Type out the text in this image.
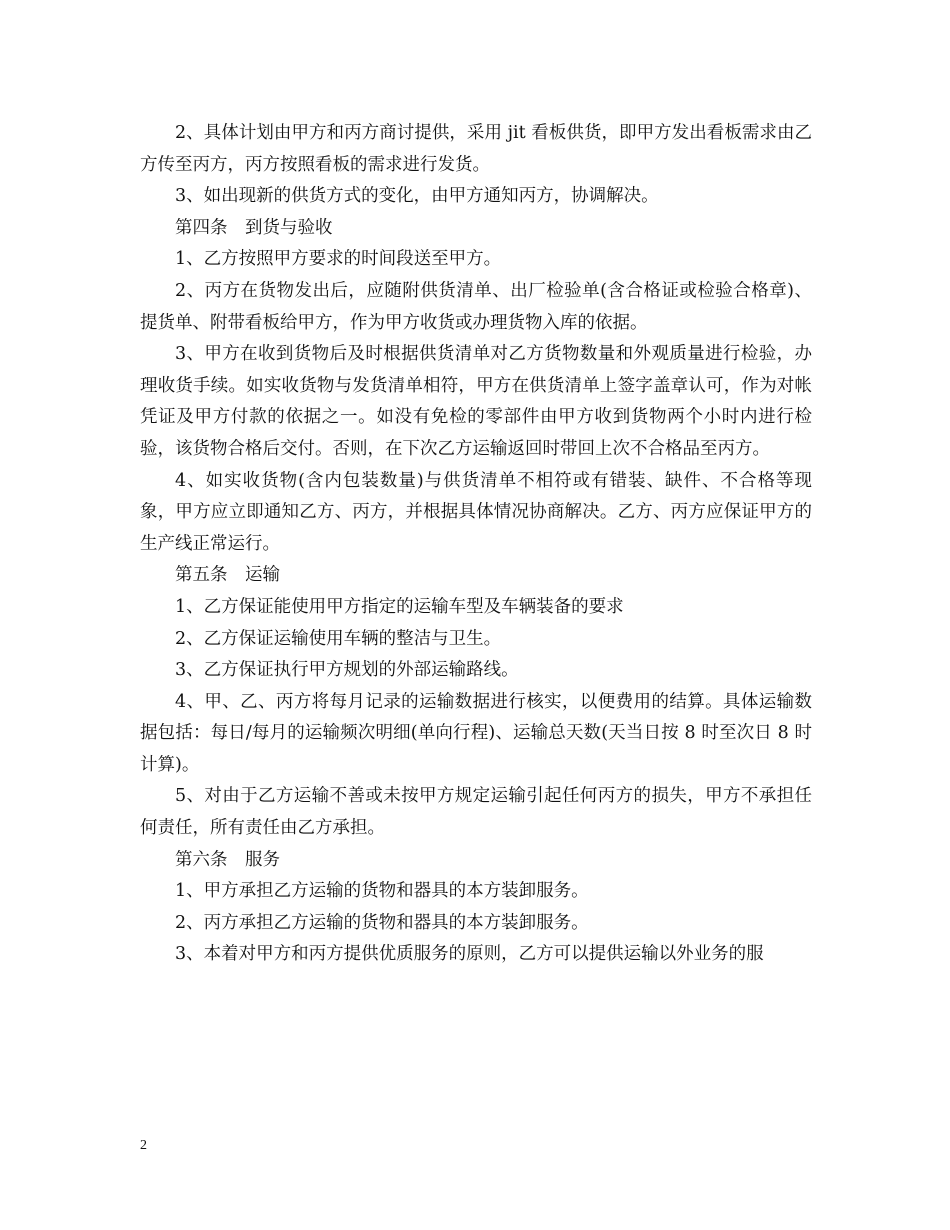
2、具体计划由甲方和丙方商讨提供，采用 jit 看板供货，即甲方发出看板需求由乙方传至丙方，丙方按照看板的需求进行发货。

3、如出现新的供货方式的变化，由甲方通知丙方，协调解决。

第四条　到货与验收

1、乙方按照甲方要求的时间段送至甲方。

2、丙方在货物发出后，应随附供货清单、出厂检验单(含合格证或检验合格章)、提货单、附带看板给甲方，作为甲方收货或办理货物入库的依据。

3、甲方在收到货物后及时根据供货清单对乙方货物数量和外观质量进行检验，办理收货手续。如实收货物与发货清单相符，甲方在供货清单上签字盖章认可，作为对帐凭证及甲方付款的依据之一。如没有免检的零部件由甲方收到货物两个小时内进行检验，该货物合格后交付。否则，在下次乙方运输返回时带回上次不合格品至丙方。

4、如实收货物(含内包装数量)与供货清单不相符或有错装、缺件、不合格等现象，甲方应立即通知乙方、丙方，并根据具体情况协商解决。乙方、丙方应保证甲方的生产线正常运行。

第五条　运输

1、乙方保证能使用甲方指定的运输车型及车辆装备的要求

2、乙方保证运输使用车辆的整洁与卫生。

3、乙方保证执行甲方规划的外部运输路线。

4、甲、乙、丙方将每月记录的运输数据进行核实，以便费用的结算。具体运输数据包括：每日/每月的运输频次明细(单向行程)、运输总天数(天当日按 8 时至次日 8 时计算)。

5、对由于乙方运输不善或未按甲方规定运输引起任何丙方的损失，甲方不承担任何责任，所有责任由乙方承担。

第六条　服务

1、甲方承担乙方运输的货物和器具的本方装卸服务。

2、丙方承担乙方运输的货物和器具的本方装卸服务。

3、本着对甲方和丙方提供优质服务的原则，乙方可以提供运输以外业务的服

2
